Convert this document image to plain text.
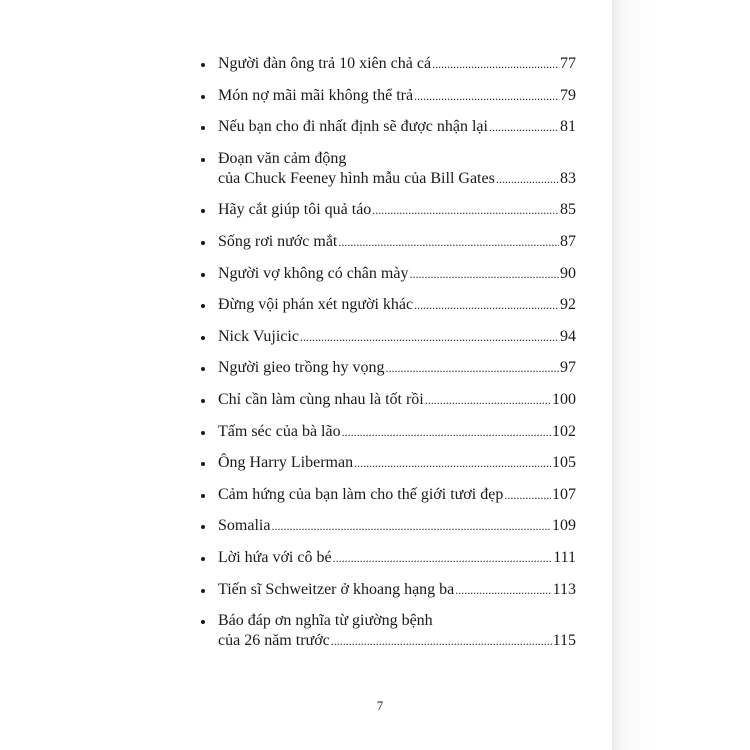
Người đàn ông trả 10 xiên chả cá .....	77
Món nợ mãi mãi không thể trả .....	79
Nếu bạn cho đi nhất định sẽ được nhận lại .....	81
Đoạn văn cảm động
của Chuck Feeney hình mẫu của Bill Gates .....	83
Hãy cắt giúp tôi quả táo .....	85
Sống rơi nước mắt .....	87
Người vợ không có chân mày .....	90
Đừng vội phán xét người khác .....	92
Nick Vujicic .....	94
Người gieo trồng hy vọng .....	97
Chỉ cần làm cùng nhau là tốt rồi .....	100
Tấm séc của bà lão .....	102
Ông Harry Liberman .....	105
Cảm hứng của bạn làm cho thế giới tươi đẹp .....	107
Somalia .....	109
Lời hứa với cô bé .....	111
Tiến sĩ Schweitzer ở khoang hạng ba .....	113
Báo đáp ơn nghĩa từ giường bệnh
của 26 năm trước .....	115
7
